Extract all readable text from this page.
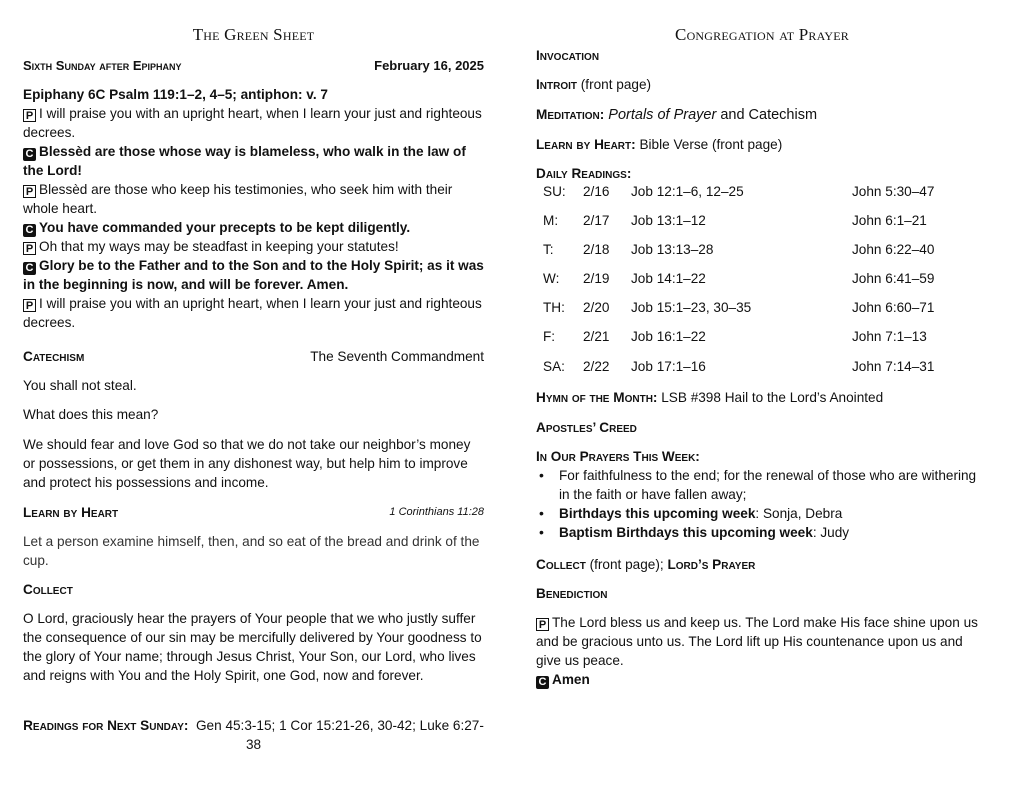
The Green Sheet
Sixth Sunday after Epiphany	February 16, 2025
Epiphany 6C Psalm 119:1–2, 4–5; antiphon: v. 7
P I will praise you with an upright heart, when I learn your just and righteous decrees.
C Blessèd are those whose way is blameless, who walk in the law of the Lord!
P Blessèd are those who keep his testimonies, who seek him with their whole heart.
C You have commanded your precepts to be kept diligently.
P Oh that my ways may be steadfast in keeping your statutes!
C Glory be to the Father and to the Son and to the Holy Spirit; as it was in the beginning is now, and will be forever. Amen.
P I will praise you with an upright heart, when I learn your just and righteous decrees.
Catechism	The Seventh Commandment
You shall not steal.
What does this mean?
We should fear and love God so that we do not take our neighbor’s money or possessions, or get them in any dishonest way, but help him to improve and protect his possessions and income.
Learn by Heart	1 Corinthians 11:28
Let a person examine himself, then, and so eat of the bread and drink of the cup.
Collect
O Lord, graciously hear the prayers of Your people that we who justly suffer the consequence of our sin may be mercifully delivered by Your goodness to the glory of Your name; through Jesus Christ, Your Son, our Lord, who lives and reigns with You and the Holy Spirit, one God, now and forever.
Readings for Next Sunday: Gen 45:3-15; 1 Cor 15:21-26, 30-42; Luke 6:27-38
Congregation at Prayer
Invocation
Introit (front page)
Meditation: Portals of Prayer and Catechism
Learn by Heart: Bible Verse (front page)
Daily Readings:
SU: 2/16 Job 12:1–6, 12–25	John 5:30–47
M: 2/17 Job 13:1–12	John 6:1–21
T: 2/18 Job 13:13–28	John 6:22–40
W: 2/19 Job 14:1–22	John 6:41–59
TH: 2/20 Job 15:1–23, 30–35	John 6:60–71
F: 2/21 Job 16:1–22	John 7:1–13
SA: 2/22 Job 17:1–16	John 7:14–31
Hymn of the Month: LSB #398 Hail to the Lord’s Anointed
Apostles’ Creed
In Our Prayers This Week:
• For faithfulness to the end; for the renewal of those who are withering in the faith or have fallen away;
• Birthdays this upcoming week: Sonja, Debra
• Baptism Birthdays this upcoming week: Judy
Collect (front page); Lord’s Prayer
Benediction
P The Lord bless us and keep us. The Lord make His face shine upon us and be gracious unto us. The Lord lift up His countenance upon us and give us peace.
C Amen
